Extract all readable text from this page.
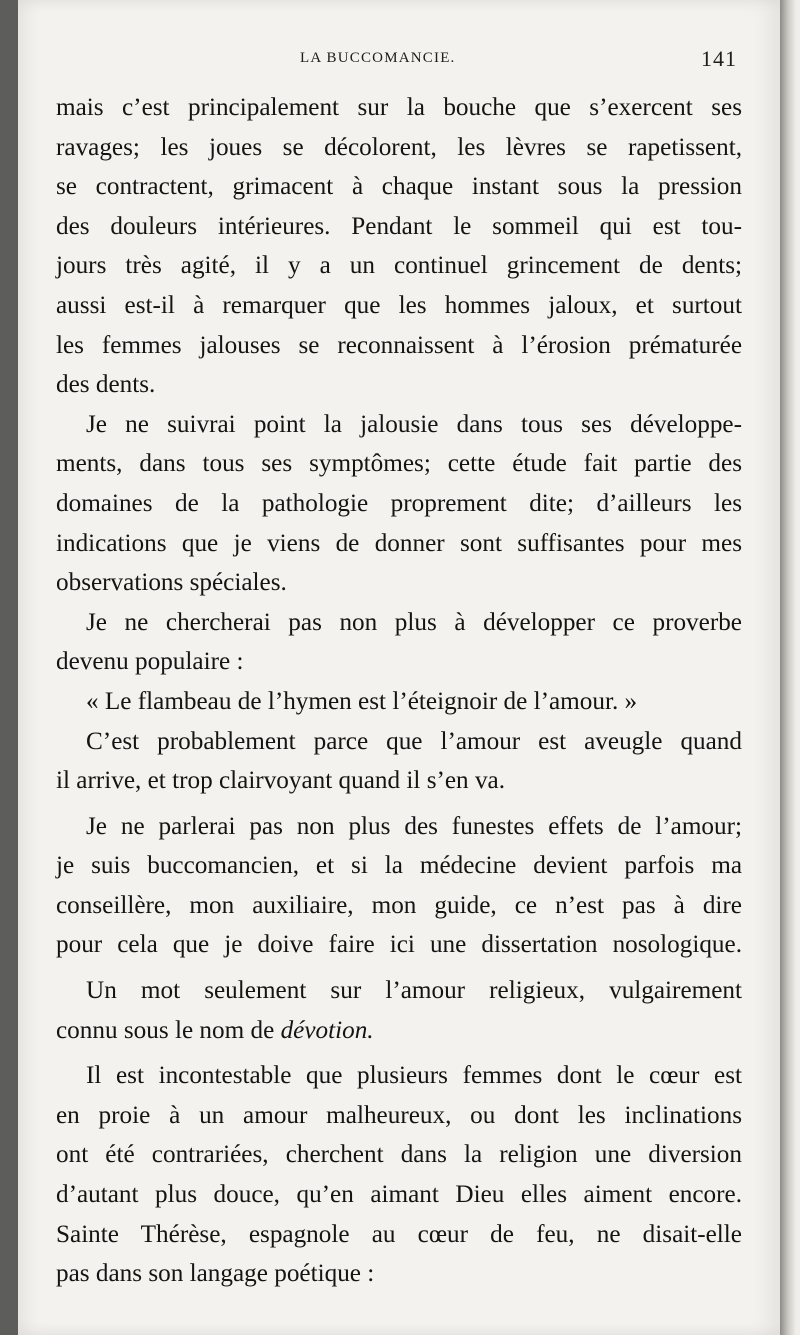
LA BUCCOMANCIE.	141
mais c’est principalement sur la bouche que s’exercent ses
ravages; les joues se décolorent, les lèvres se rapetissent,
se contractent, grimacent à chaque instant sous la pression
des douleurs intérieures. Pendant le sommeil qui est tou-
jours très agité, il y a un continuel grincement de dents;
aussi est-il à remarquer que les hommes jaloux, et surtout
les femmes jalouses se reconnaissent à l’érosion prématurée
des dents.
Je ne suivrai point la jalousie dans tous ses développe-
ments, dans tous ses symptômes; cette étude fait partie des
domaines de la pathologie proprement dite; d’ailleurs les
indications que je viens de donner sont suffisantes pour mes
observations spéciales.
Je ne chercherai pas non plus à développer ce proverbe
devenu populaire :
« Le flambeau de l’hymen est l’éteignoir de l’amour. »
C’est probablement parce que l’amour est aveugle quand
il arrive, et trop clairvoyant quand il s’en va.
Je ne parlerai pas non plus des funestes effets de l’amour;
je suis buccomancien, et si la médecine devient parfois ma
conseillère, mon auxiliaire, mon guide, ce n’est pas à dire
pour cela que je doive faire ici une dissertation nosologique.
Un mot seulement sur l’amour religieux, vulgairement
connu sous le nom de dévotion.
Il est incontestable que plusieurs femmes dont le cœur est
en proie à un amour malheureux, ou dont les inclinations
ont été contrariées, cherchent dans la religion une diversion
d’autant plus douce, qu’en aimant Dieu elles aiment encore.
Sainte Thérèse, espagnole au cœur de feu, ne disait-elle
pas dans son langage poétique :
